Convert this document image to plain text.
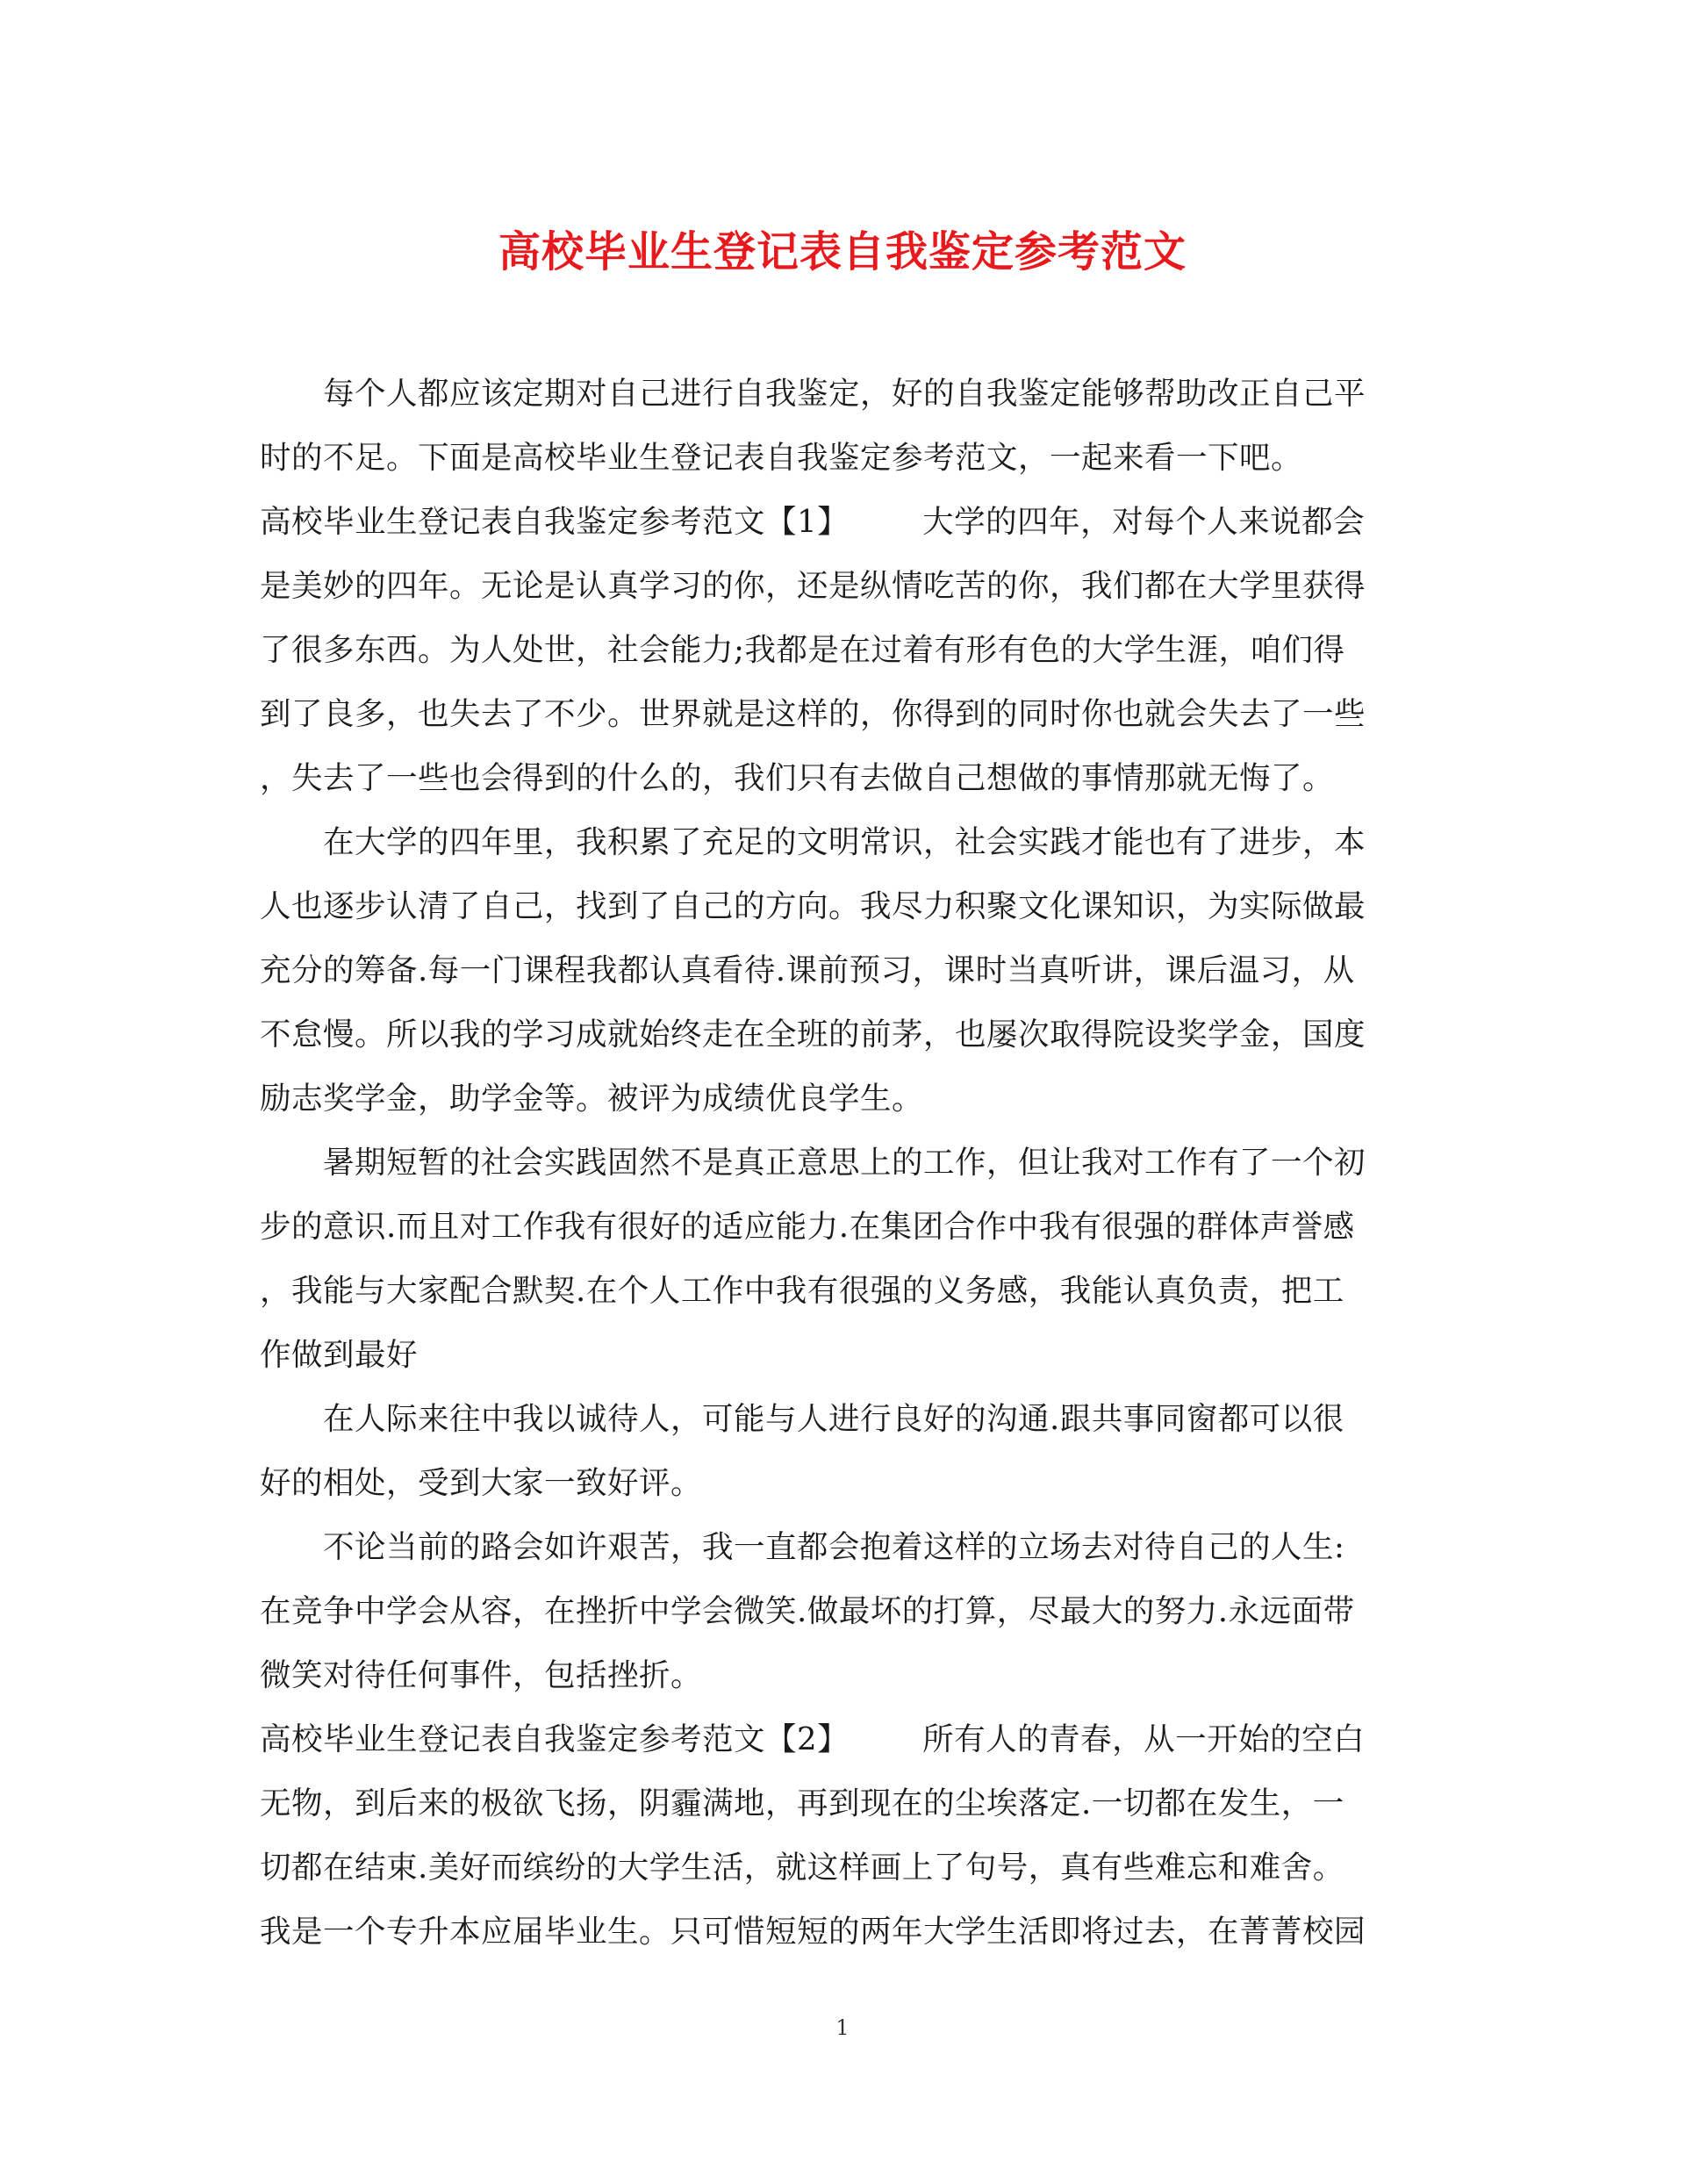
高校毕业生登记表自我鉴定参考范文
每个人都应该定期对自己进行自我鉴定，好的自我鉴定能够帮助改正自己平
时的不足。下面是高校毕业生登记表自我鉴定参考范文，一起来看一下吧。
高校毕业生登记表自我鉴定参考范文【1】 大学的四年，对每个人来说都会
是美妙的四年。无论是认真学习的你，还是纵情吃苦的你，我们都在大学里获得
了很多东西。为人处世，社会能力;我都是在过着有形有色的大学生涯，咱们得
到了良多，也失去了不少。世界就是这样的，你得到的同时你也就会失去了一些
，失去了一些也会得到的什么的，我们只有去做自己想做的事情那就无悔了。
在大学的四年里，我积累了充足的文明常识，社会实践才能也有了进步，本
人也逐步认清了自己，找到了自己的方向。我尽力积聚文化课知识，为实际做最
充分的筹备.每一门课程我都认真看待.课前预习，课时当真听讲，课后温习，从
不怠慢。所以我的学习成就始终走在全班的前茅，也屡次取得院设奖学金，国度
励志奖学金，助学金等。被评为成绩优良学生。
暑期短暂的社会实践固然不是真正意思上的工作，但让我对工作有了一个初
步的意识.而且对工作我有很好的适应能力.在集团合作中我有很强的群体声誉感
，我能与大家配合默契.在个人工作中我有很强的义务感，我能认真负责，把工
作做到最好
在人际来往中我以诚待人，可能与人进行良好的沟通.跟共事同窗都可以很
好的相处，受到大家一致好评。
不论当前的路会如许艰苦，我一直都会抱着这样的立场去对待自己的人生:
在竞争中学会从容，在挫折中学会微笑.做最坏的打算，尽最大的努力.永远面带
微笑对待任何事件，包括挫折。
高校毕业生登记表自我鉴定参考范文【2】 所有人的青春，从一开始的空白
无物，到后来的极欲飞扬，阴霾满地，再到现在的尘埃落定.一切都在发生，一
切都在结束.美好而缤纷的大学生活，就这样画上了句号，真有些难忘和难舍。
我是一个专升本应届毕业生。只可惜短短的两年大学生活即将过去，在菁菁校园
1
